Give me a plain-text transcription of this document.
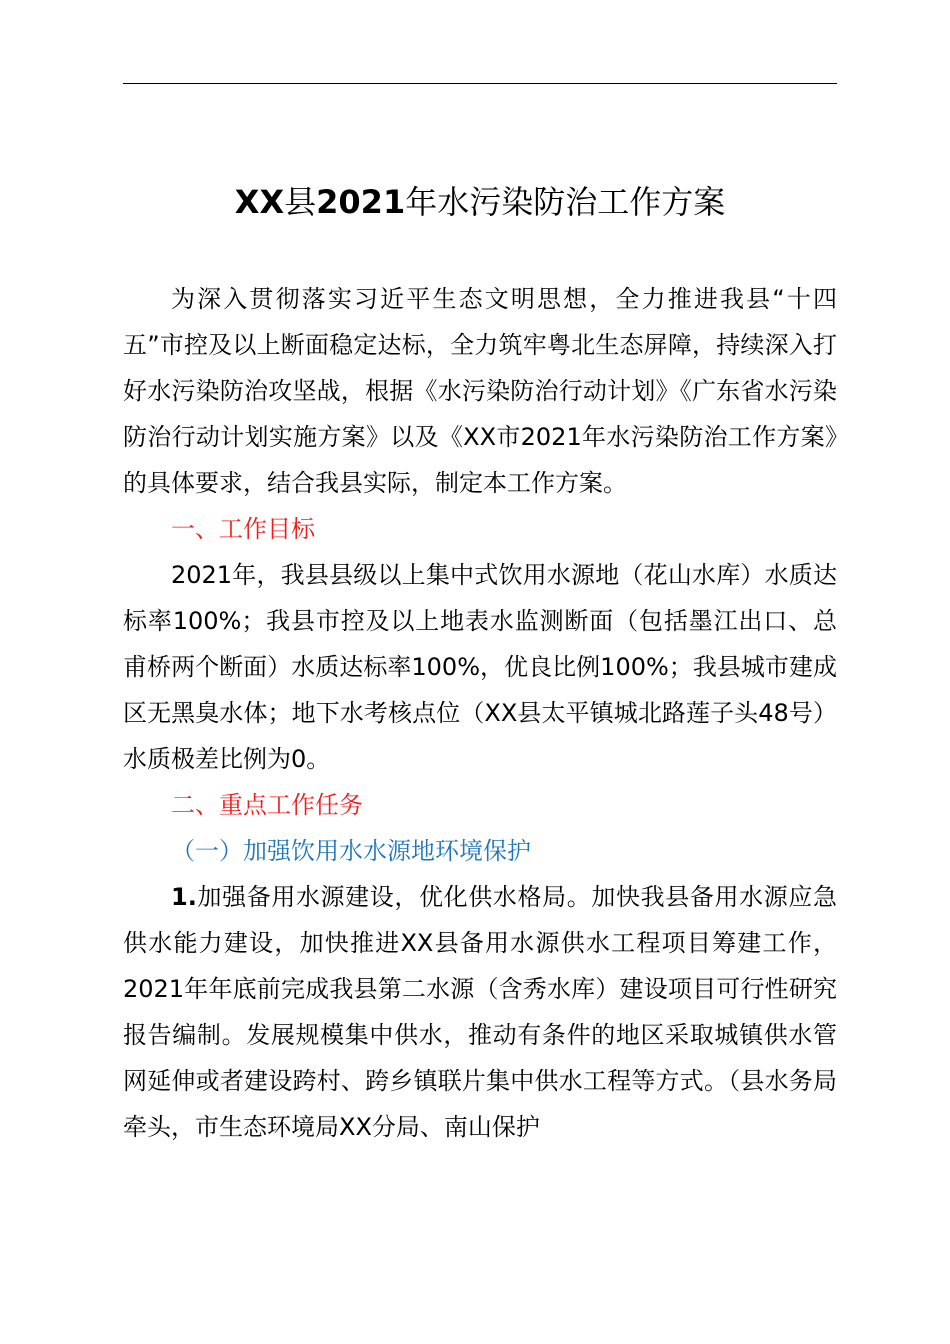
XX县2021年水污染防治工作方案

为深入贯彻落实习近平生态文明思想，全力推进我县“十四五”市控及以上断面稳定达标，全力筑牢粤北生态屏障，持续深入打好水污染防治攻坚战，根据《水污染防治行动计划》《广东省水污染防治行动计划实施方案》以及《XX市2021年水污染防治工作方案》的具体要求，结合我县实际，制定本工作方案。

一、工作目标

2021年，我县县级以上集中式饮用水源地（花山水库）水质达标率100%；我县市控及以上地表水监测断面（包括墨江出口、总甫桥两个断面）水质达标率100%，优良比例100%；我县城市建成区无黑臭水体；地下水考核点位（XX县太平镇城北路莲子头48号）水质极差比例为0。

二、重点工作任务

（一）加强饮用水水源地环境保护

1.加强备用水源建设，优化供水格局。加快我县备用水源应急供水能力建设，加快推进XX县备用水源供水工程项目筹建工作，2021年年底前完成我县第二水源（含秀水库）建设项目可行性研究报告编制。发展规模集中供水，推动有条件的地区采取城镇供水管网延伸或者建设跨村、跨乡镇联片集中供水工程等方式。（县水务局牵头，市生态环境局XX分局、南山保护
